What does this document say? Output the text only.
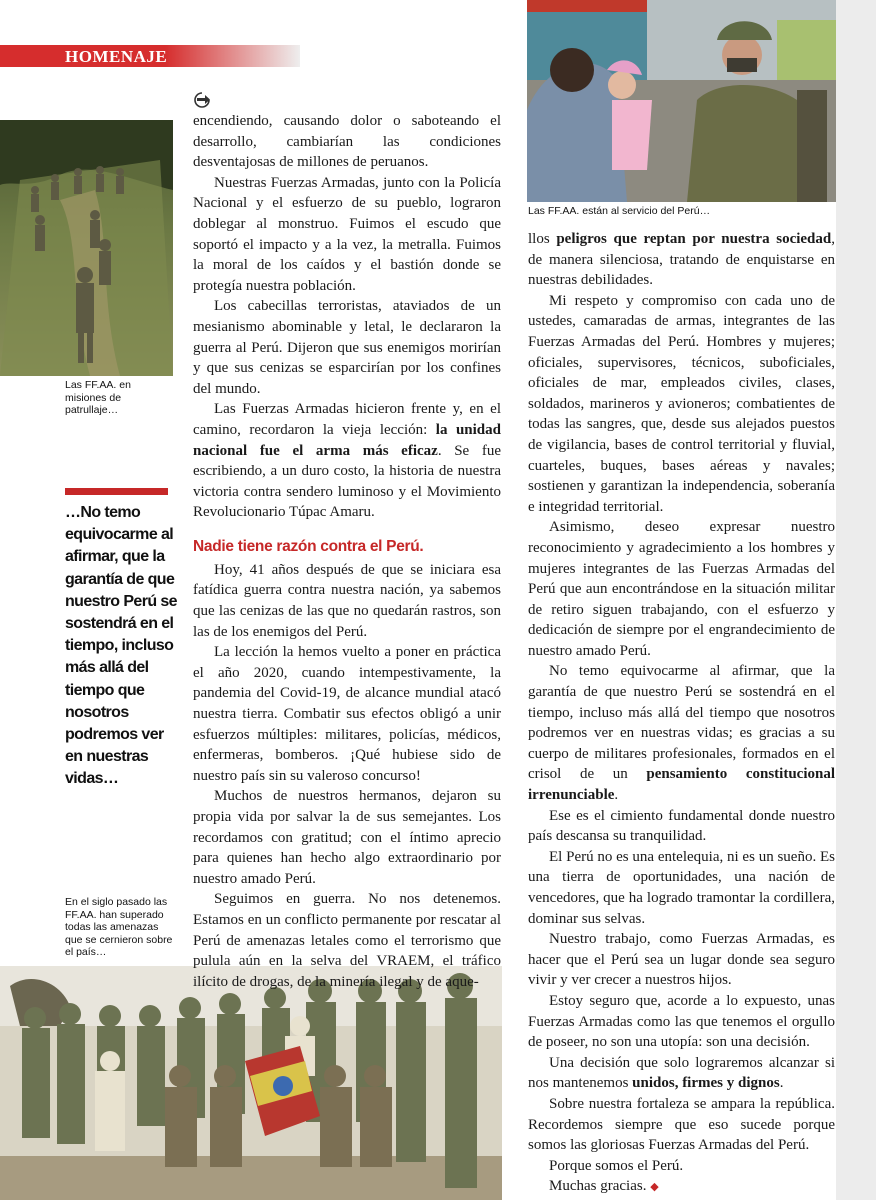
HOMENAJE
Las FF.AA. en misiones de patrullaje…
Las FF.AA. están al servicio del Perú…
…No temo equivocarme al afirmar, que la garantía de que nuestro Perú se sostendrá en el tiempo, incluso más allá del tiempo que nosotros podremos ver en nuestras vidas…
En el siglo pasado las FF.AA. han superado todas las amenazas que se cernieron sobre el país…

encendiendo, causando dolor o saboteando el desarrollo, cambiarían las condiciones desventajosas de millones de peruanos.

Nuestras Fuerzas Armadas, junto con la Policía Nacional y el esfuerzo de su pueblo, lograron doblegar al monstruo. Fuimos el escudo que soportó el impacto y a la vez, la metralla. Fuimos la moral de los caídos y el bastión donde se protegía nuestra población.

Los cabecillas terroristas, ataviados de un mesianismo abominable y letal, le declararon la guerra al Perú. Dijeron que sus enemigos morirían y que sus cenizas se esparcirían por los confines del mundo.

Las Fuerzas Armadas hicieron frente y, en el camino, recordaron la vieja lección: la unidad nacional fue el arma más eficaz. Se fue escribiendo, a un duro costo, la historia de nuestra victoria contra sendero luminoso y el Movimiento Revolucionario Túpac Amaru.

Nadie tiene razón contra el Perú.

Hoy, 41 años después de que se iniciara esa fatídica guerra contra nuestra nación, ya sabemos que las cenizas de las que no quedarán rastros, son las de los enemigos del Perú.

La lección la hemos vuelto a poner en práctica el año 2020, cuando intempestivamente, la pandemia del Covid-19, de alcance mundial atacó nuestra tierra. Combatir sus efectos obligó a unir esfuerzos múltiples: militares, policías, médicos, enfermeras, bomberos. ¡Qué hubiese sido de nuestro país sin su valeroso concurso!

Muchos de nuestros hermanos, dejaron su propia vida por salvar la de sus semejantes. Los recordamos con gratitud; con el íntimo aprecio para quienes han hecho algo extraordinario por nuestro amado Perú.

Seguimos en guerra. No nos detenemos. Estamos en un conflicto permanente por rescatar al Perú de amenazas letales como el terrorismo que pulula aún en la selva del VRAEM, el tráfico ilícito de drogas, de la minería ilegal y de aque-

llos peligros que reptan por nuestra sociedad, de manera silenciosa, tratando de enquistarse en nuestras debilidades.

Mi respeto y compromiso con cada uno de ustedes, camaradas de armas, integrantes de las Fuerzas Armadas del Perú. Hombres y mujeres; oficiales, supervisores, técnicos, suboficiales, oficiales de mar, empleados civiles, clases, soldados, marineros y avioneros; combatientes de todas las sangres, que, desde sus alejados puestos de vigilancia, bases de control territorial y fluvial, cuarteles, buques, bases aéreas y navales; sostienen y garantizan la independencia, soberanía e integridad territorial.

Asimismo, deseo expresar nuestro reconocimiento y agradecimiento a los hombres y mujeres integrantes de las Fuerzas Armadas del Perú que aun encontrándose en la situación militar de retiro siguen trabajando, con el esfuerzo y dedicación de siempre por el engrandecimiento de nuestro amado Perú.

No temo equivocarme al afirmar, que la garantía de que nuestro Perú se sostendrá en el tiempo, incluso más allá del tiempo que nosotros podremos ver en nuestras vidas; es gracias a su cuerpo de militares profesionales, formados en el crisol de un pensamiento constitucional irrenunciable.

Ese es el cimiento fundamental donde nuestro país descansa su tranquilidad.

El Perú no es una entelequia, ni es un sueño. Es una tierra de oportunidades, una nación de vencedores, que ha logrado tramontar la cordillera, dominar sus selvas.

Nuestro trabajo, como Fuerzas Armadas, es hacer que el Perú sea un lugar donde sea seguro vivir y ver crecer a nuestros hijos.

Estoy seguro que, acorde a lo expuesto, unas Fuerzas Armadas como las que tenemos el orgullo de poseer, no son una utopía: son una decisión.

Una decisión que solo lograremos alcanzar si nos mantenemos unidos, firmes y dignos.

Sobre nuestra fortaleza se ampara la república. Recordemos siempre que eso sucede porque somos las gloriosas Fuerzas Armadas del Perú.

Porque somos el Perú.

Muchas gracias. ◆
